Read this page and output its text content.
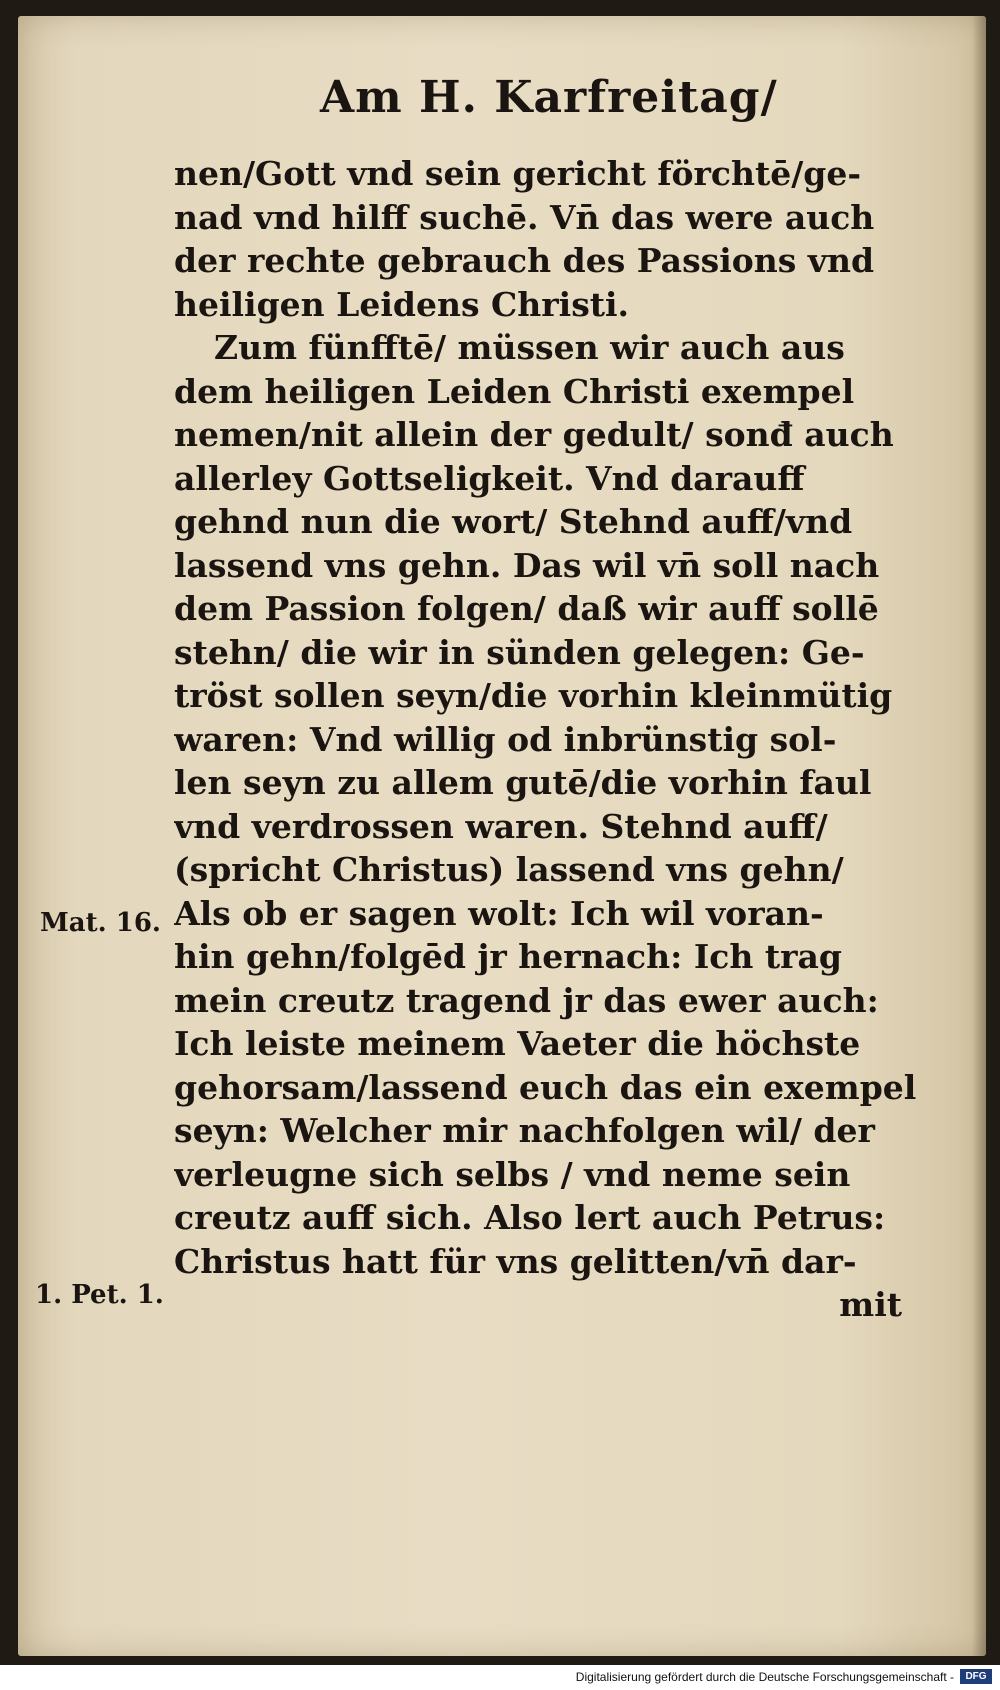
Am H. Karfreitag/
nen/Gott vnd sein gericht förchtē/ge-
nad vnd hilff suchē. Vn̄ das were auch
der rechte gebrauch des Passions vnd
heiligen Leidens Christi.
Zum fünfftē/ müssen wir auch aus
dem heiligen Leiden Christi exempel
nemen/nit allein der gedult/ sonđ auch
allerley Gottseligkeit. Vnd darauff
gehnd nun die wort/ Stehnd auff/vnd
lassend vns gehn. Das wil vn̄ soll nach
dem Passion folgen/ daß wir auff sollē
stehn/ die wir in sünden gelegen: Ge-
tröst sollen seyn/die vorhin kleinmütig
waren: Vnd willig od inbrünstig sol-
len seyn zu allem gutē/die vorhin faul
vnd verdrossen waren. Stehnd auff/
(spricht Christus) lassend vns gehn/
Als ob er sagen wolt: Ich wil voran-
hin gehn/folgēd jr hernach: Ich trag
mein creutz tragend jr das ewer auch:
Ich leiste meinem Vaeter die höchste
gehorsam/lassend euch das ein exempel
seyn: Welcher mir nachfolgen wil/ der
verleugne sich selbs / vnd neme sein
creutz auff sich. Also lert auch Petrus:
Christus hatt für vns gelitten/vn̄ dar-
mit
Mat. 16.
1. Pet. 1.
Digitalisierung gefördert durch die Deutsche Forschungsgemeinschaft -	DFG
